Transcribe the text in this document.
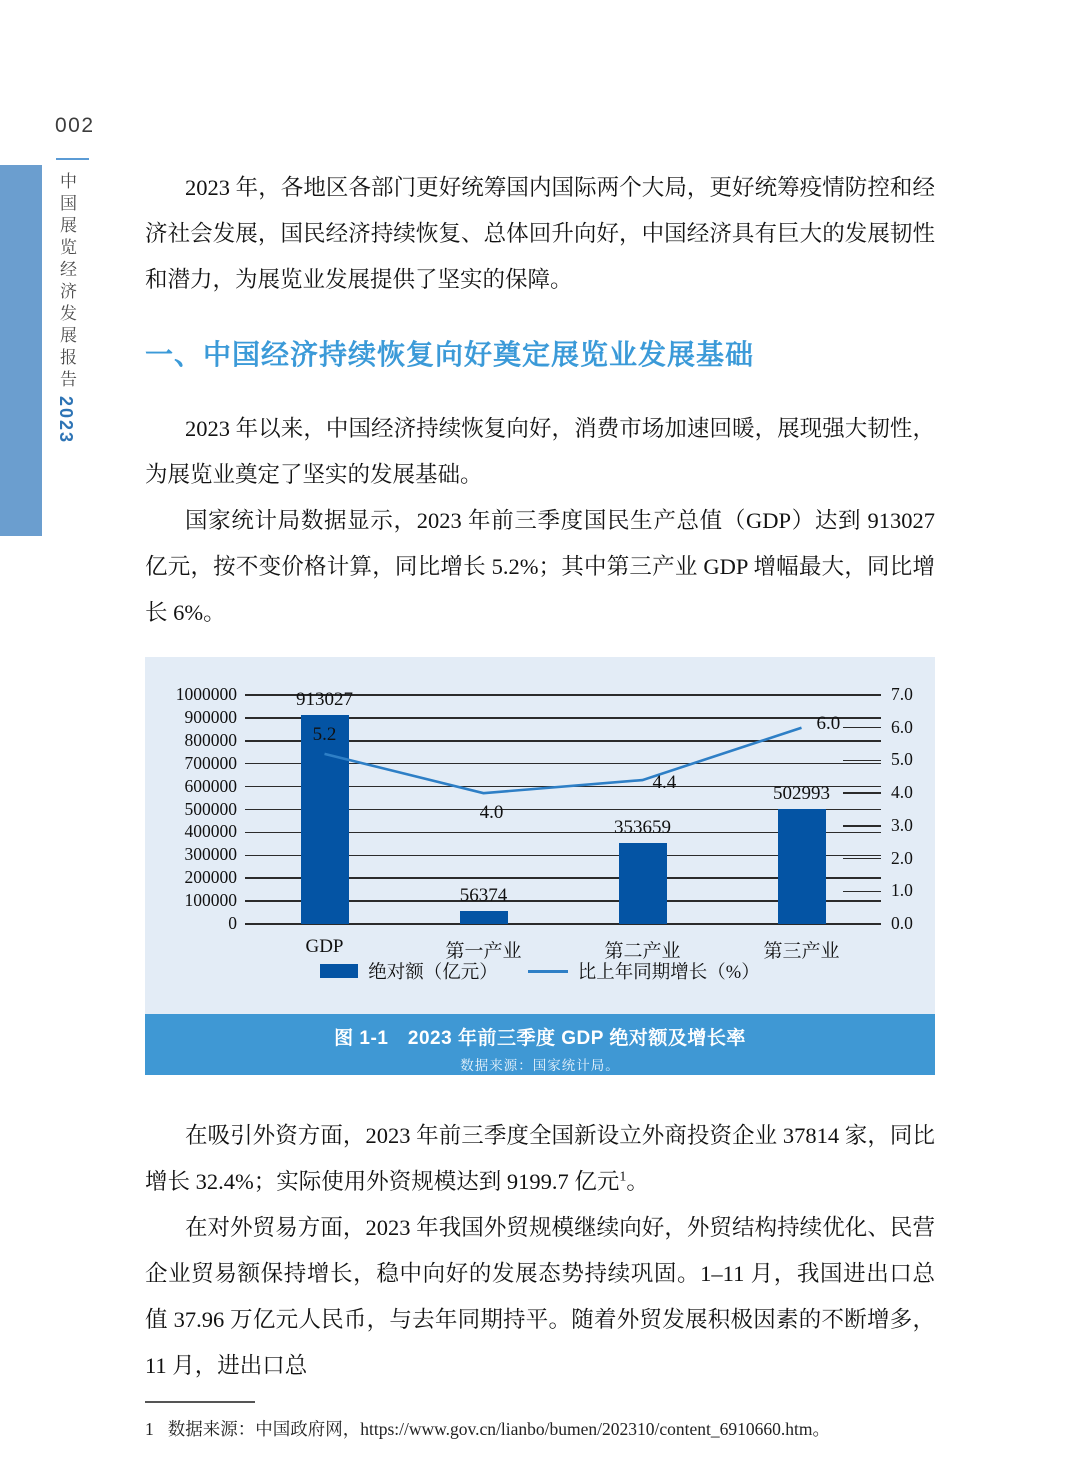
002
中国展览经济发展报告2023

2023 年，各地区各部门更好统筹国内国际两个大局，更好统筹疫情防控和经济社会发展，国民经济持续恢复、总体回升向好，中国经济具有巨大的发展韧性和潜力，为展览业发展提供了坚实的保障。

一、中国经济持续恢复向好奠定展览业发展基础

2023 年以来，中国经济持续恢复向好，消费市场加速回暖，展现强大韧性，为展览业奠定了坚实的发展基础。

国家统计局数据显示，2023 年前三季度国民生产总值（GDP）达到 913027 亿元，按不变价格计算，同比增长 5.2%；其中第三产业 GDP 增幅最大，同比增长 6%。

0
100000
200000
300000
400000
500000
600000
700000
800000
900000
1000000
0.0
1.0
2.0
3.0
4.0
5.0
6.0
7.0
913027
GDP
56374
第一产业
353659
第二产业
502993
第三产业
5.2
4.0
4.4
6.0
绝对额（亿元）	比上年同期增长（%）
图 1-1　2023 年前三季度 GDP 绝对额及增长率
数据来源：国家统计局。

在吸引外资方面，2023 年前三季度全国新设立外商投资企业 37814 家，同比增长 32.4%；实际使用外资规模达到 9199.7 亿元$^1$。

在对外贸易方面，2023 年我国外贸规模继续向好，外贸结构持续优化、民营企业贸易额保持增长，稳中向好的发展态势持续巩固。1–11 月，我国进出口总值 37.96 万亿元人民币，与去年同期持平。随着外贸发展积极因素的不断增多，11 月，进出口总

1 数据来源：中国政府网，https://www.gov.cn/lianbo/bumen/202310/content_6910660.htm。
